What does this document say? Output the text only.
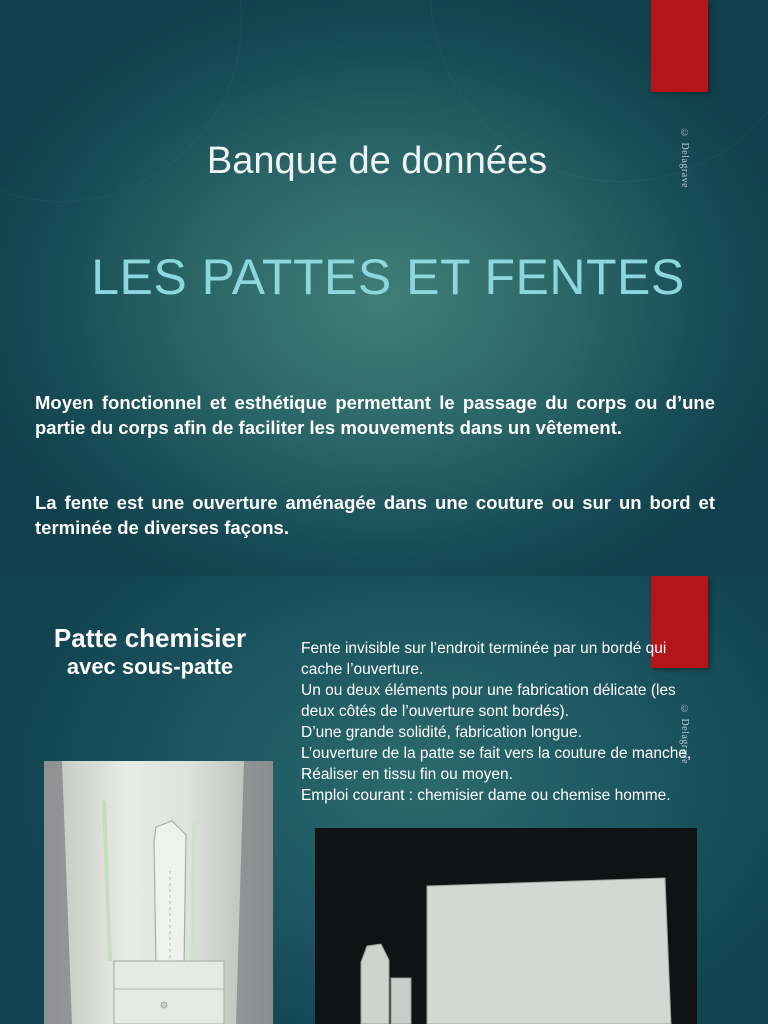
© Delagrave
Banque de données
LES PATTES ET FENTES

Moyen fonctionnel et esthétique permettant le passage du corps ou d’une partie du corps afin de faciliter les mouvements dans un vêtement.

La fente est une ouverture aménagée dans une couture ou sur un bord et terminée de diverses façons.

© Delagrave
Patte chemisier
avec sous-patte
Fente invisible sur l’endroit terminée par un bordé qui
cache l’ouverture.
Un ou deux éléments pour une fabrication délicate (les
deux côtés de l’ouverture sont bordés).
D’une grande solidité, fabrication longue.
L’ouverture de la patte se fait vers la couture de manche,
Réaliser en tissu fin ou moyen.
Emploi courant : chemisier dame ou chemise homme.
